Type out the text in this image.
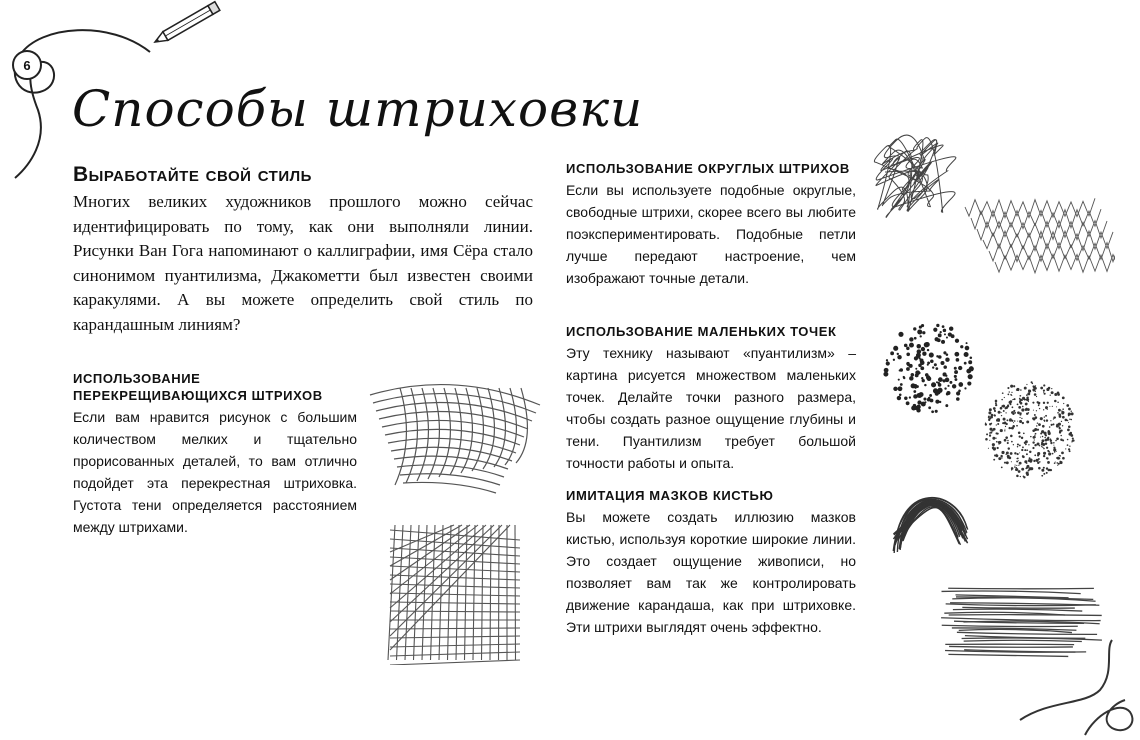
6
Способы штриховки
Выработайте свой стиль

Многих великих художников прошлого можно сейчас идентифицировать по тому, как они выполняли линии. Рисунки Ван Гога напоминают о каллиграфии, имя Сёра стало синонимом пуантилизма, Джакометти был известен своими каракулями. А вы можете определить свой стиль по карандашным линиям?

ИСПОЛЬЗОВАНИЕ ПЕРЕКРЕЩИВАЮЩИХСЯ ШТРИХОВ

Если вам нравится рисунок с большим количеством мелких и тщательно прорисованных деталей, то вам отлично подойдет эта перекрестная штриховка. Густота тени определяется расстоянием между штрихами.

ИСПОЛЬЗОВАНИЕ ОКРУГЛЫХ ШТРИХОВ

Если вы используете подобные округлые, свободные штрихи, скорее всего вы любите поэкспериментировать. Подобные петли лучше передают настроение, чем изображают точные детали.

ИСПОЛЬЗОВАНИЕ МАЛЕНЬКИХ ТОЧЕК

Эту технику называют «пуантилизм» – картина рисуется множеством маленьких точек. Делайте точки разного размера, чтобы создать разное ощущение глубины и тени. Пуантилизм требует большой точности работы и опыта.

ИМИТАЦИЯ МАЗКОВ КИСТЬЮ

Вы можете создать иллюзию мазков кистью, используя короткие широкие линии. Это создает ощущение живописи, но позволяет вам так же контролировать движение карандаша, как при штриховке. Эти штрихи выглядят очень эффектно.
